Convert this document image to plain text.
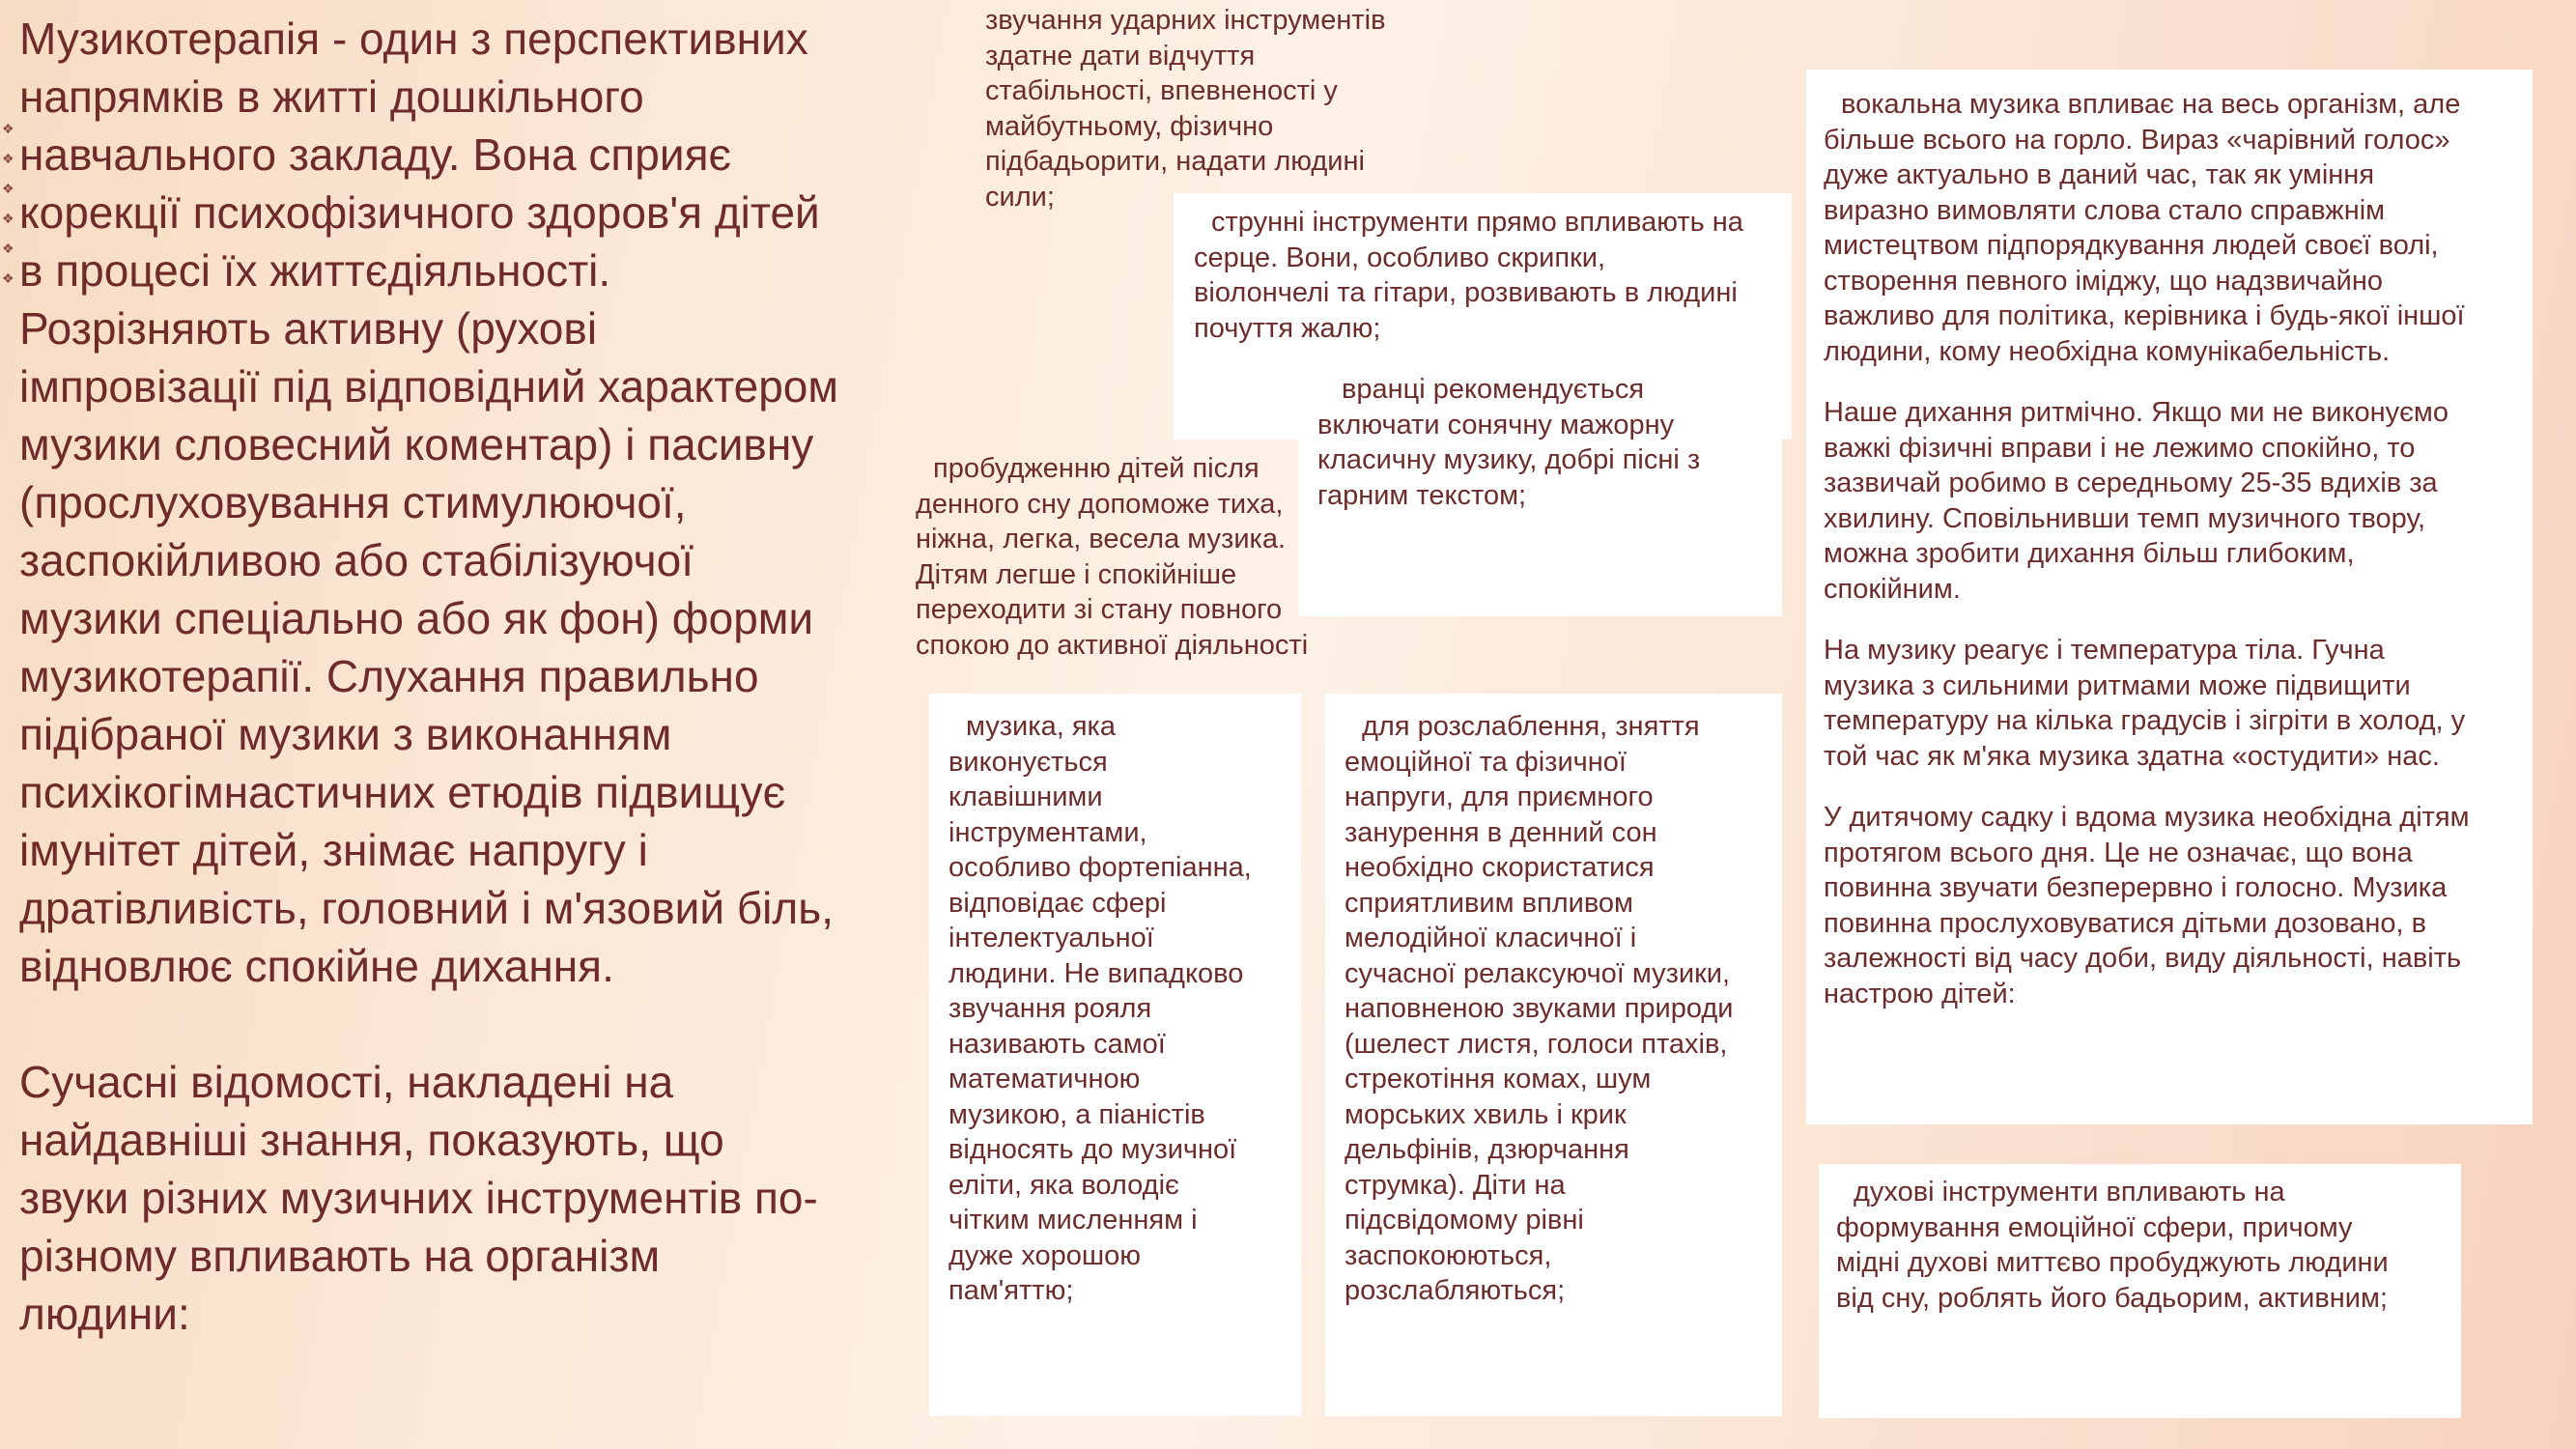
❖
❖
❖
❖
❖
❖

Музикотерапія - один з перспективних

напрямків в житті дошкільного

навчального закладу. Вона сприяє

корекції психофізичного здоров'я дітей

в процесі їх життєдіяльності.

Розрізняють активну (рухові

імпровізації під відповідний характером

музики словесний коментар) і пасивну

(прослуховування стимулюючої,

заспокійливою або стабілізуючої

музики спеціально або як фон) форми

музикотерапії. Слухання правильно

підібраної музики з виконанням

психікогімнастичних етюдів підвищує

імунітет дітей, знімає напругу і

дратівливість, головний і м'язовий біль,

відновлює спокійне дихання.

Сучасні відомості, накладені на

найдавніші знання, показують, що

звуки різних музичних інструментів по-

різному впливають на організм

людини:

звучання ударних інструментів

здатне дати відчуття

стабільності, впевненості у

майбутньому, фізично

підбадьорити, надати людині

сили;

струнні інструменти прямо впливають на

серце. Вони, особливо скрипки,

віолончелі та гітари, розвивають в людині

почуття жалю;

вранці рекомендується

включати сонячну мажорну

класичну музику, добрі пісні з

гарним текстом;

пробудженню дітей після

денного сну допоможе тиха,

ніжна, легка, весела музика.

Дітям легше і спокійніше

переходити зі стану повного

спокою до активної діяльності

музика, яка

виконується

клавішними

інструментами,

особливо фортепіанна,

відповідає сфері

інтелектуальної

людини. Не випадково

звучання рояля

називають самої

математичною

музикою, а піаністів

відносять до музичної

еліти, яка володіє

чітким мисленням і

дуже хорошою

пам'яттю;

для розслаблення, зняття

емоційної та фізичної

напруги, для приємного

занурення в денний сон

необхідно скористатися

сприятливим впливом

мелодійної класичної і

сучасної релаксуючої музики,

наповненою звуками природи

(шелест листя, голоси птахів,

стрекотіння комах, шум

морських хвиль і крик

дельфінів, дзюрчання

струмка). Діти на

підсвідомому рівні

заспокоюються,

розслабляються;

вокальна музика впливає на весь організм, але

більше всього на горло. Вираз «чарівний голос»

дуже актуально в даний час, так як уміння

виразно вимовляти слова стало справжнім

мистецтвом підпорядкування людей своєї волі,

створення певного іміджу, що надзвичайно

важливо для політика, керівника і будь-якої іншої

людини, кому необхідна комунікабельність.

Наше дихання ритмічно. Якщо ми не виконуємо

важкі фізичні вправи і не лежимо спокійно, то

зазвичай робимо в середньому 25-35 вдихів за

хвилину. Сповільнивши темп музичного твору,

можна зробити дихання більш глибоким,

спокійним.

На музику реагує і температура тіла. Гучна

музика з сильними ритмами може підвищити

температуру на кілька градусів і зігріти в холод, у

той час як м'яка музика здатна «остудити» нас.

У дитячому садку і вдома музика необхідна дітям

протягом всього дня. Це не означає, що вона

повинна звучати безперервно і голосно. Музика

повинна прослуховуватися дітьми дозовано, в

залежності від часу доби, виду діяльності, навіть

настрою дітей:

духові інструменти впливають на

формування емоційної сфери, причому

мідні духові миттєво пробуджують людини

від сну, роблять його бадьорим, активним;
